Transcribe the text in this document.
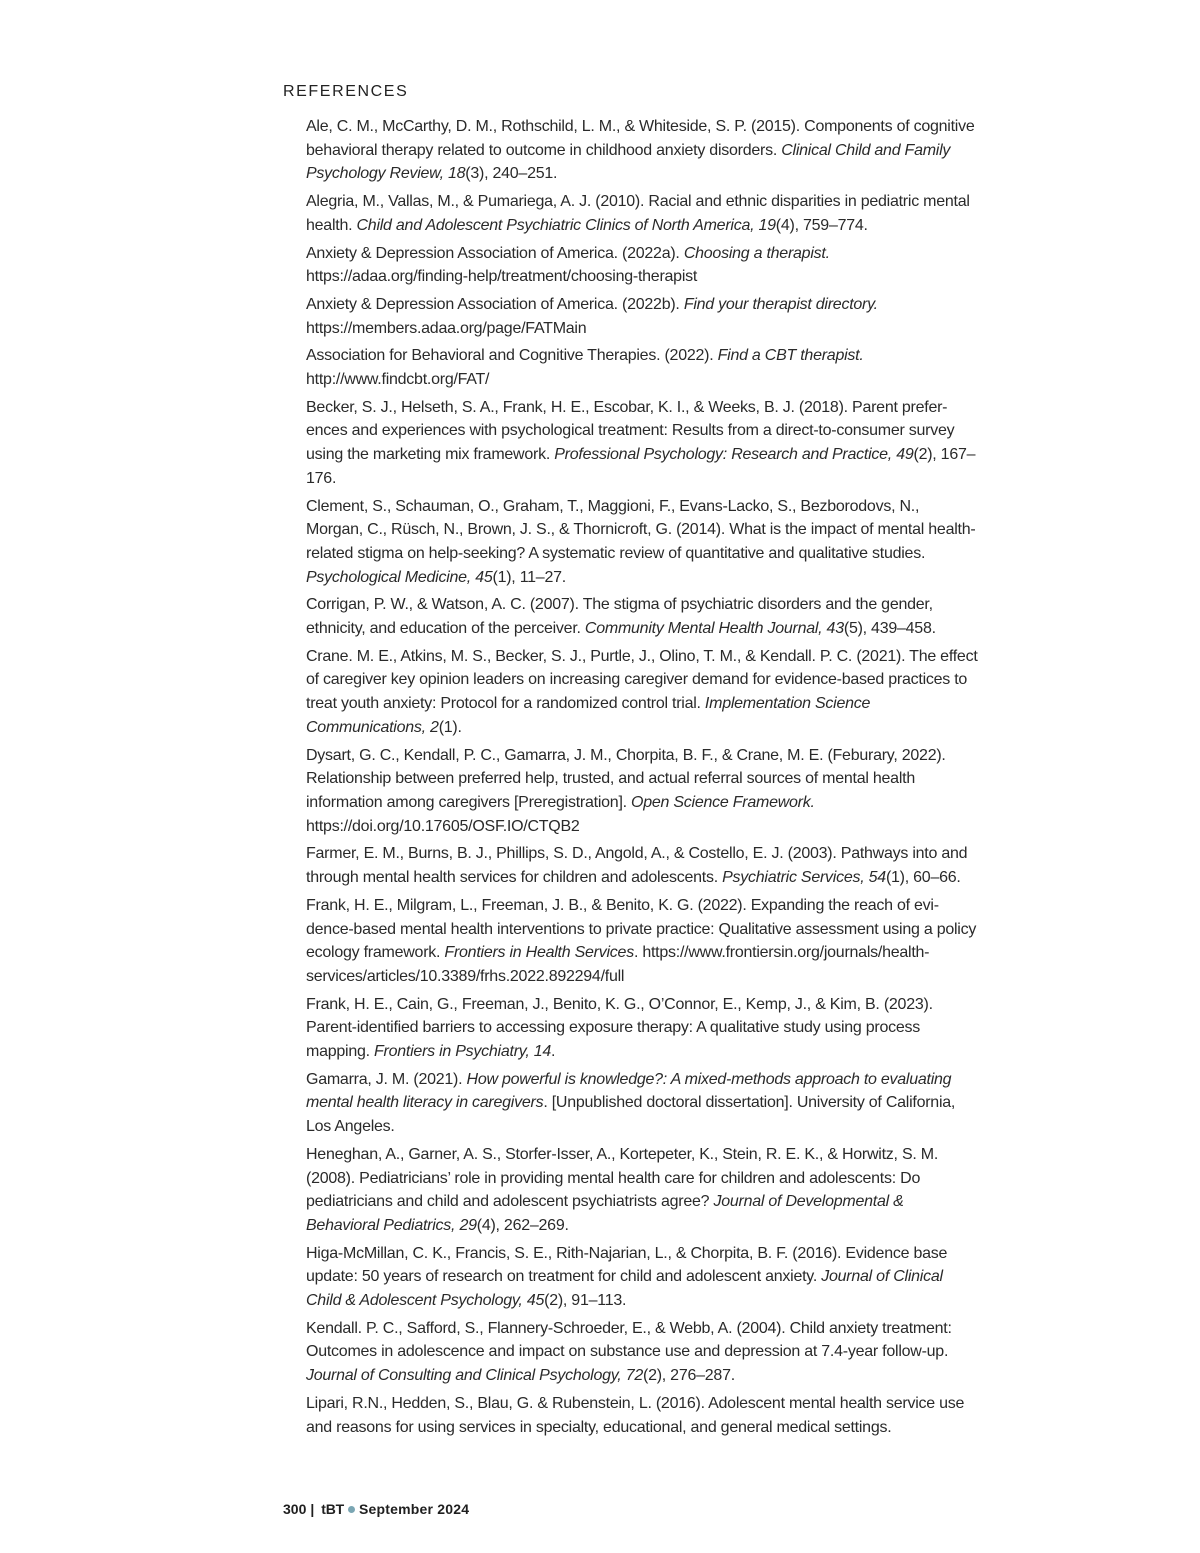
REFERENCES

Ale, C. M., McCarthy, D. M., Rothschild, L. M., & Whiteside, S. P. (2015). Components of cognitive behavioral therapy related to outcome in childhood anxiety disorders. Clinical Child and Family Psychology Review, 18(3), 240–251.

Alegria, M., Vallas, M., & Pumariega, A. J. (2010). Racial and ethnic disparities in pediatric mental health. Child and Adolescent Psychiatric Clinics of North America, 19(4), 759–774.

Anxiety & Depression Association of America. (2022a). Choosing a therapist. https://adaa.org/finding-help/treatment/choosing-therapist

Anxiety & Depression Association of America. (2022b). Find your therapist directory. https://members.adaa.org/page/FATMain

Association for Behavioral and Cognitive Therapies. (2022). Find a CBT therapist. http://www.findcbt.org/FAT/

Becker, S. J., Helseth, S. A., Frank, H. E., Escobar, K. I., & Weeks, B. J. (2018). Parent preferences and experiences with psychological treatment: Results from a direct-to-consumer survey using the marketing mix framework. Professional Psychology: Research and Practice, 49(2), 167–176.

Clement, S., Schauman, O., Graham, T., Maggioni, F., Evans-Lacko, S., Bezborodovs, N., Morgan, C., Rüsch, N., Brown, J. S., & Thornicroft, G. (2014). What is the impact of mental health-related stigma on help-seeking? A systematic review of quantitative and qualitative studies. Psychological Medicine, 45(1), 11–27.

Corrigan, P. W., & Watson, A. C. (2007). The stigma of psychiatric disorders and the gender, ethnicity, and education of the perceiver. Community Mental Health Journal, 43(5), 439–458.

Crane. M. E., Atkins, M. S., Becker, S. J., Purtle, J., Olino, T. M., & Kendall. P. C. (2021). The effect of caregiver key opinion leaders on increasing caregiver demand for evidence-based practices to treat youth anxiety: Protocol for a randomized control trial. Implementation Science Communications, 2(1).

Dysart, G. C., Kendall, P. C., Gamarra, J. M., Chorpita, B. F., & Crane, M. E. (Feburary, 2022). Relationship between preferred help, trusted, and actual referral sources of mental health information among caregivers [Preregistration]. Open Science Framework. https://doi.org/10.17605/OSF.IO/CTQB2

Farmer, E. M., Burns, B. J., Phillips, S. D., Angold, A., & Costello, E. J. (2003). Pathways into and through mental health services for children and adolescents. Psychiatric Services, 54(1), 60–66.

Frank, H. E., Milgram, L., Freeman, J. B., & Benito, K. G. (2022). Expanding the reach of evidence-based mental health interventions to private practice: Qualitative assessment using a policy ecology framework. Frontiers in Health Services. https://www.frontiersin.org/journals/health-services/articles/10.3389/frhs.2022.892294/full

Frank, H. E., Cain, G., Freeman, J., Benito, K. G., O’Connor, E., Kemp, J., & Kim, B. (2023). Parent-identified barriers to accessing exposure therapy: A qualitative study using process mapping. Frontiers in Psychiatry, 14.

Gamarra, J. M. (2021). How powerful is knowledge?: A mixed-methods approach to evaluating mental health literacy in caregivers. [Unpublished doctoral dissertation]. University of California, Los Angeles.

Heneghan, A., Garner, A. S., Storfer-Isser, A., Kortepeter, K., Stein, R. E. K., & Horwitz, S. M. (2008). Pediatricians’ role in providing mental health care for children and adolescents: Do pediatricians and child and adolescent psychiatrists agree? Journal of Developmental & Behavioral Pediatrics, 29(4), 262–269.

Higa-McMillan, C. K., Francis, S. E., Rith-Najarian, L., & Chorpita, B. F. (2016). Evidence base update: 50 years of research on treatment for child and adolescent anxiety. Journal of Clinical Child & Adolescent Psychology, 45(2), 91–113.

Kendall. P. C., Safford, S., Flannery-Schroeder, E., & Webb, A. (2004). Child anxiety treatment: Outcomes in adolescence and impact on substance use and depression at 7.4-year follow-up. Journal of Consulting and Clinical Psychology, 72(2), 276–287.

Lipari, R.N., Hedden, S., Blau, G. & Rubenstein, L. (2016). Adolescent mental health service use and reasons for using services in specialty, educational, and general medical settings.

300 | tBT September 2024
